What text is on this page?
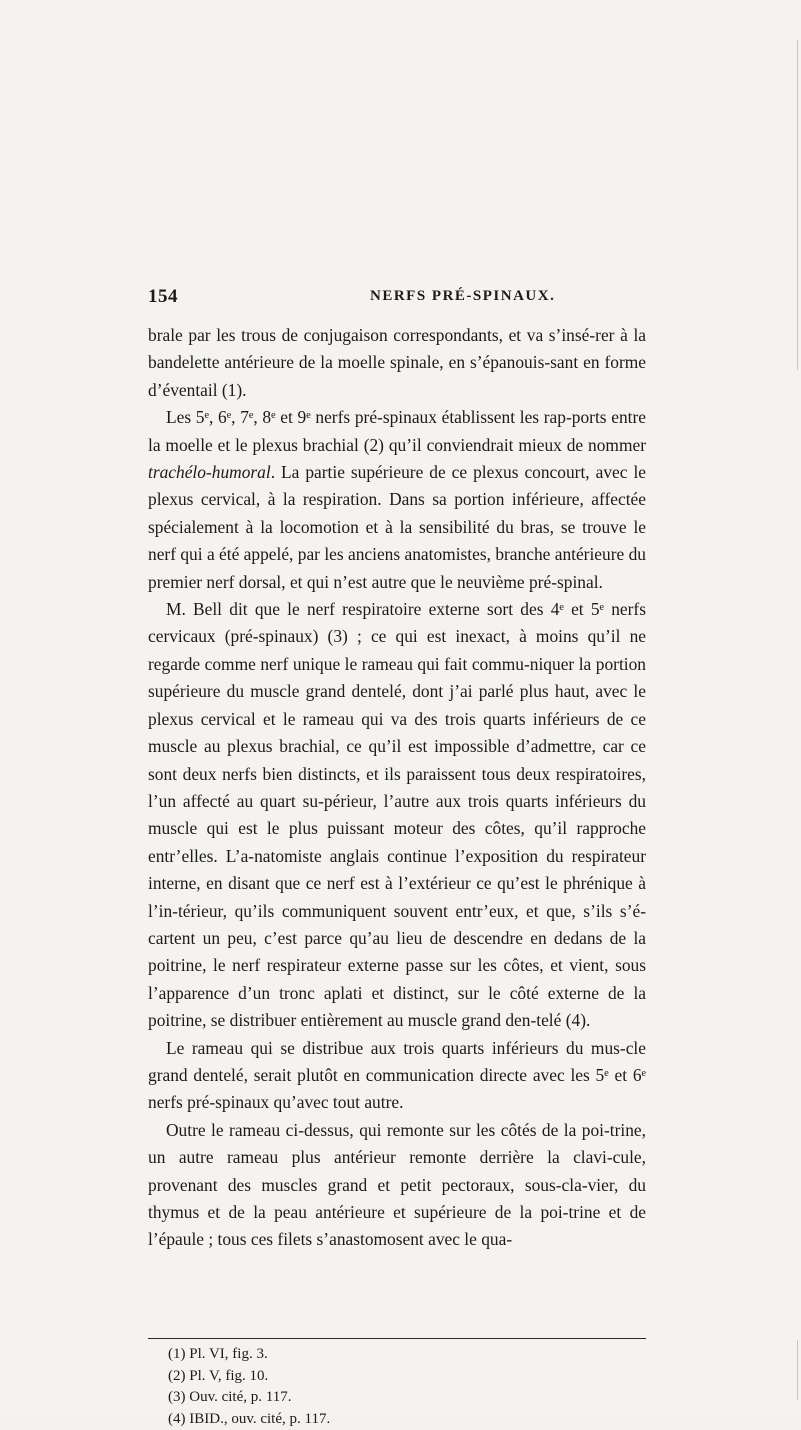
154	NERFS PRÉ-SPINAUX.

brale par les trous de conjugaison correspondants, et va s’insé-rer à la bandelette antérieure de la moelle spinale, en s’épanouis-sant en forme d’éventail (1).

Les 5ᵉ, 6ᵉ, 7ᵉ, 8ᵉ et 9ᵉ nerfs pré-spinaux établissent les rap-ports entre la moelle et le plexus brachial (2) qu’il conviendrait mieux de nommer trachélo-humoral. La partie supérieure de ce plexus concourt, avec le plexus cervical, à la respiration. Dans sa portion inférieure, affectée spécialement à la locomotion et à la sensibilité du bras, se trouve le nerf qui a été appelé, par les anciens anatomistes, branche antérieure du premier nerf dorsal, et qui n’est autre que le neuvième pré-spinal.

M. Bell dit que le nerf respiratoire externe sort des 4ᵉ et 5ᵉ nerfs cervicaux (pré-spinaux) (3) ; ce qui est inexact, à moins qu’il ne regarde comme nerf unique le rameau qui fait commu-niquer la portion supérieure du muscle grand dentelé, dont j’ai parlé plus haut, avec le plexus cervical et le rameau qui va des trois quarts inférieurs de ce muscle au plexus brachial, ce qu’il est impossible d’admettre, car ce sont deux nerfs bien distincts, et ils paraissent tous deux respiratoires, l’un affecté au quart su-périeur, l’autre aux trois quarts inférieurs du muscle qui est le plus puissant moteur des côtes, qu’il rapproche entr’elles. L’a-natomiste anglais continue l’exposition du respirateur interne, en disant que ce nerf est à l’extérieur ce qu’est le phrénique à l’in-térieur, qu’ils communiquent souvent entr’eux, et que, s’ils s’é-cartent un peu, c’est parce qu’au lieu de descendre en dedans de la poitrine, le nerf respirateur externe passe sur les côtes, et vient, sous l’apparence d’un tronc aplati et distinct, sur le côté externe de la poitrine, se distribuer entièrement au muscle grand den-telé (4).

Le rameau qui se distribue aux trois quarts inférieurs du mus-cle grand dentelé, serait plutôt en communication directe avec les 5ᵉ et 6ᵉ nerfs pré-spinaux qu’avec tout autre.

Outre le rameau ci-dessus, qui remonte sur les côtés de la poi-trine, un autre rameau plus antérieur remonte derrière la clavi-cule, provenant des muscles grand et petit pectoraux, sous-cla-vier, du thymus et de la peau antérieure et supérieure de la poi-trine et de l’épaule ; tous ces filets s’anastomosent avec le qua-

(1) Pl. VI, fig. 3.
(2) Pl. V, fig. 10.
(3) Ouv. cité, p. 117.
(4) IBID., ouv. cité, p. 117.
